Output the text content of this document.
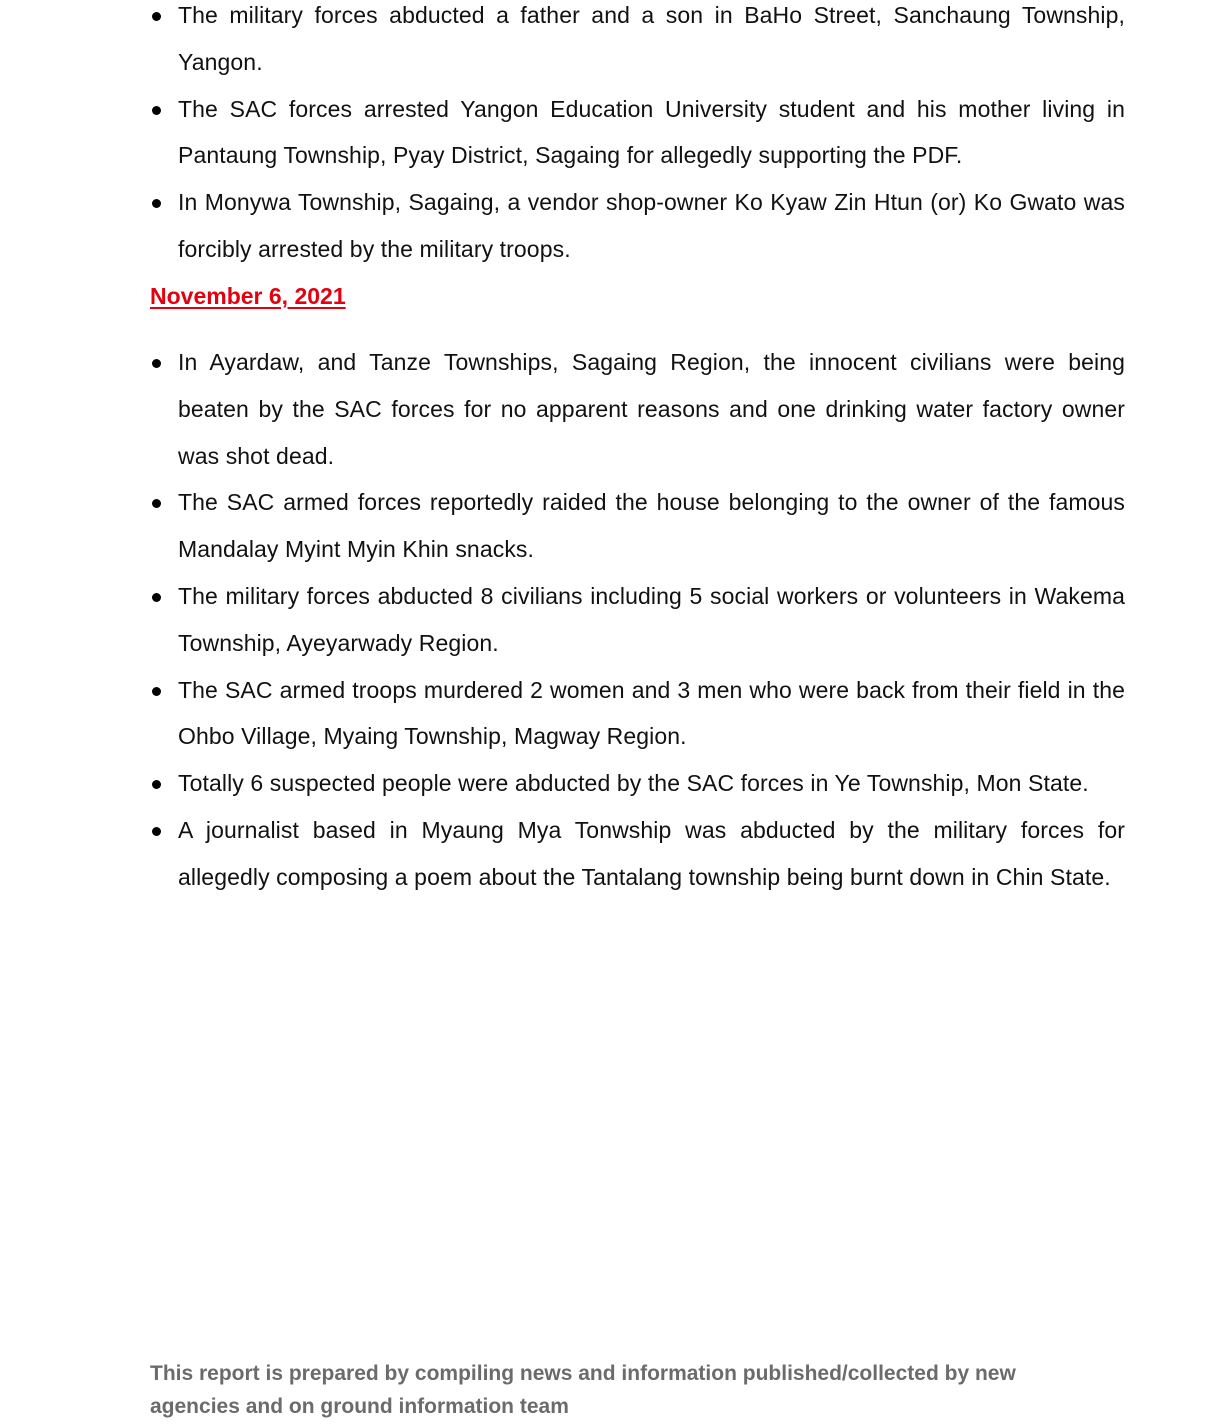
The military forces abducted a father and a son in BaHo Street, Sanchaung Township, Yangon.
The SAC forces arrested Yangon Education University student and his mother living in Pantaung Township, Pyay District, Sagaing for allegedly supporting the PDF.
In Monywa Township, Sagaing, a vendor shop-owner Ko Kyaw Zin Htun (or) Ko Gwato was forcibly arrested by the military troops.
November 6, 2021
In Ayardaw, and Tanze Townships, Sagaing Region, the innocent civilians were being beaten by the SAC forces for no apparent reasons and one drinking water factory owner was shot dead.
The SAC armed forces reportedly raided the house belonging to the owner of the famous Mandalay Myint Myin Khin snacks.
The military forces abducted 8 civilians including 5 social workers or volunteers in Wakema Township, Ayeyarwady Region.
The SAC armed troops murdered 2 women and 3 men who were back from their field in the Ohbo Village, Myaing Township, Magway Region.
Totally 6 suspected people were abducted by the SAC forces in Ye Township, Mon State.
A journalist based in Myaung Mya Tonwship was abducted by the military forces for allegedly composing a poem about the Tantalang township being burnt down in Chin State.
This report is prepared by compiling news and information published/collected by new agencies and on ground information team
